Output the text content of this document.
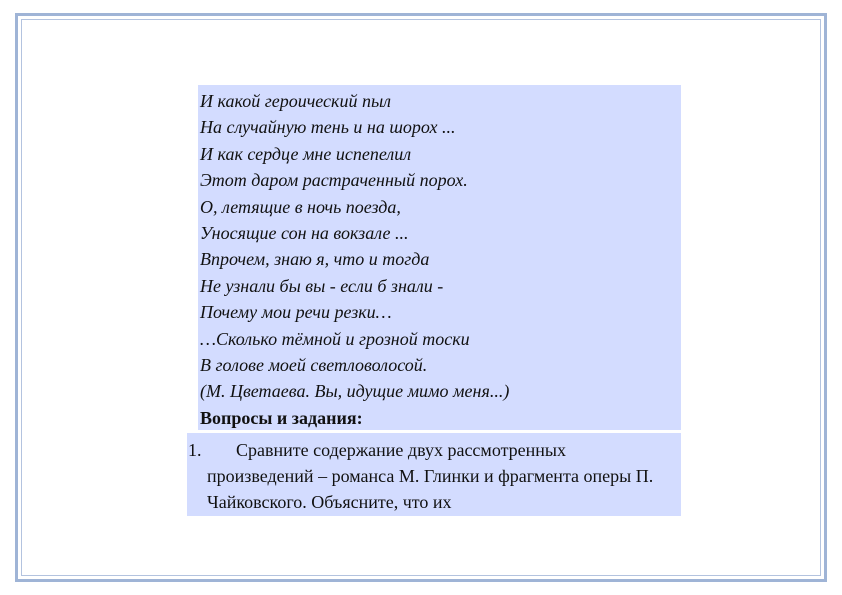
И какой героический пыл
На случайную тень и на шорох ...
И как сердце мне испепелил
Этот даром растраченный порох.
О, летящие в ночь поезда,
Уносящие сон на вокзале ...
Впрочем, знаю я, что и тогда
Не узнали бы вы - если б знали -
Почему мои речи резки…
…Сколько тёмной и грозной тоски
В голове моей светловолосой.
(М. Цветаева. Вы, идущие мимо меня...)
Вопросы и задания:
1.	Сравните содержание двух рассмотренных произведений – романса М. Глинки и фрагмента оперы П. Чайковского. Объясните, что их
